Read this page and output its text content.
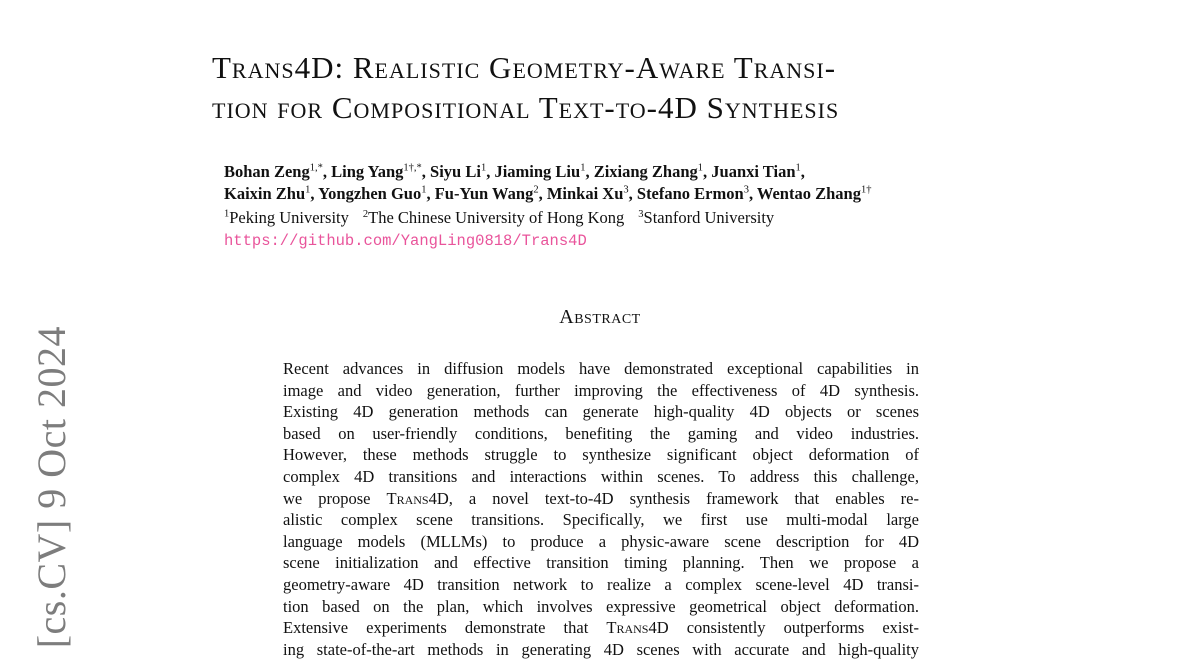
[cs.CV] 9 Oct 2024
Trans4D: Realistic Geometry-Aware Transi-
tion for Compositional Text-to-4D Synthesis
Bohan Zeng$^{1,*}$, Ling Yang$^{1\dagger,*}$, Siyu Li$^1$, Jiaming Liu$^1$, Zixiang Zhang$^1$, Juanxi Tian$^1$,
Kaixin Zhu$^1$, Yongzhen Guo$^1$, Fu-Yun Wang$^2$, Minkai Xu$^3$, Stefano Ermon$^3$, Wentao Zhang$^{1\dagger}$
$^1$Peking University $^2$The Chinese University of Hong Kong $^3$Stanford University
https://github.com/YangLing0818/Trans4D
Abstract
Recent advances in diffusion models have demonstrated exceptional capabilities in
image and video generation, further improving the effectiveness of 4D synthesis.
Existing 4D generation methods can generate high-quality 4D objects or scenes
based on user-friendly conditions, benefiting the gaming and video industries.
However, these methods struggle to synthesize significant object deformation of
complex 4D transitions and interactions within scenes. To address this challenge,
we propose Trans4D, a novel text-to-4D synthesis framework that enables re-
alistic complex scene transitions. Specifically, we first use multi-modal large
language models (MLLMs) to produce a physic-aware scene description for 4D
scene initialization and effective transition timing planning. Then we propose a
geometry-aware 4D transition network to realize a complex scene-level 4D transi-
tion based on the plan, which involves expressive geometrical object deformation.
Extensive experiments demonstrate that Trans4D consistently outperforms exist-
ing state-of-the-art methods in generating 4D scenes with accurate and high-quality
